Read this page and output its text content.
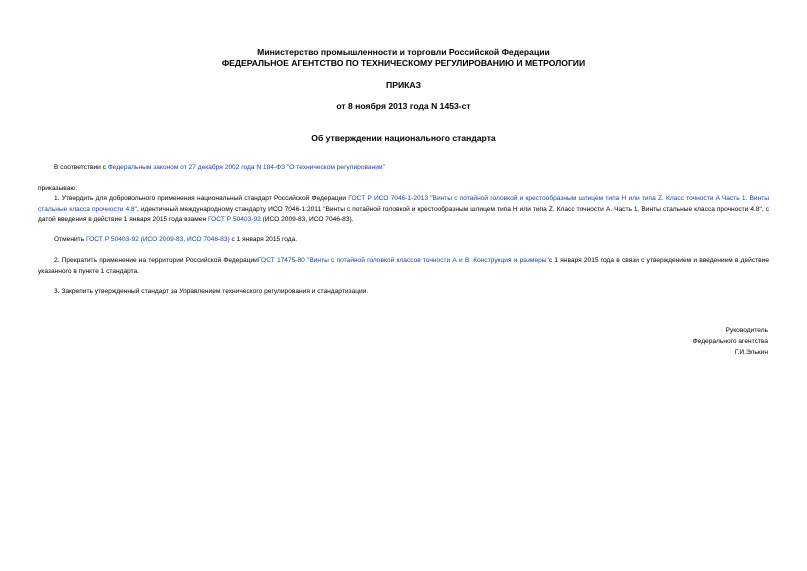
Министерство промышленности и торговли Российской Федерации
ФЕДЕРАЛЬНОЕ АГЕНТСТВО ПО ТЕХНИЧЕСКОМУ РЕГУЛИРОВАНИЮ И МЕТРОЛОГИИ
ПРИКАЗ
от 8 ноября 2013 года N 1453-ст
Об утверждении национального стандарта
В соответствии с Федеральным законом от 27 декабря 2002 года N 184-ФЗ "О техническом регулировании"
приказываю:
1. Утвердить для добровольного применения национальный стандарт Российской Федерации ГОСТ Р ИСО 7046-1-2013 "Винты с потайной головкой и крестообразным шлицем типа H или типа Z. Класс точности A Часть 1. Винты стальные класса прочности 4.8", идентичный международному стандарту ИСО 7046-1:2011 "Винты с потайной головкой и крестообразным шлицем типа H или типа Z. Класс точности А. Часть 1. Винты стальные класса прочности 4.8", с датой введения в действие 1 января 2015 года взамен ГОСТ Р 50403-92 (ИСО 2009-83, ИСО 7046-83).
Отменить ГОСТ Р 50403-92 (ИСО 2009-83, ИСО 7046-83) с 1 января 2015 года.
2. Прекратить применение на территории Российской ФедерацииГОСТ 17475-80 "Винты с потайной головкой классов точности А и В. Конструкция и размеры"с 1 января 2015 года в связи с утверждением и введением в действие указанного в пункте 1 стандарта.
3. Закрепить утвержденный стандарт за Управлением технического регулирования и стандартизации.
Руководитель
Федерального агентства
Г.И.Элькин
